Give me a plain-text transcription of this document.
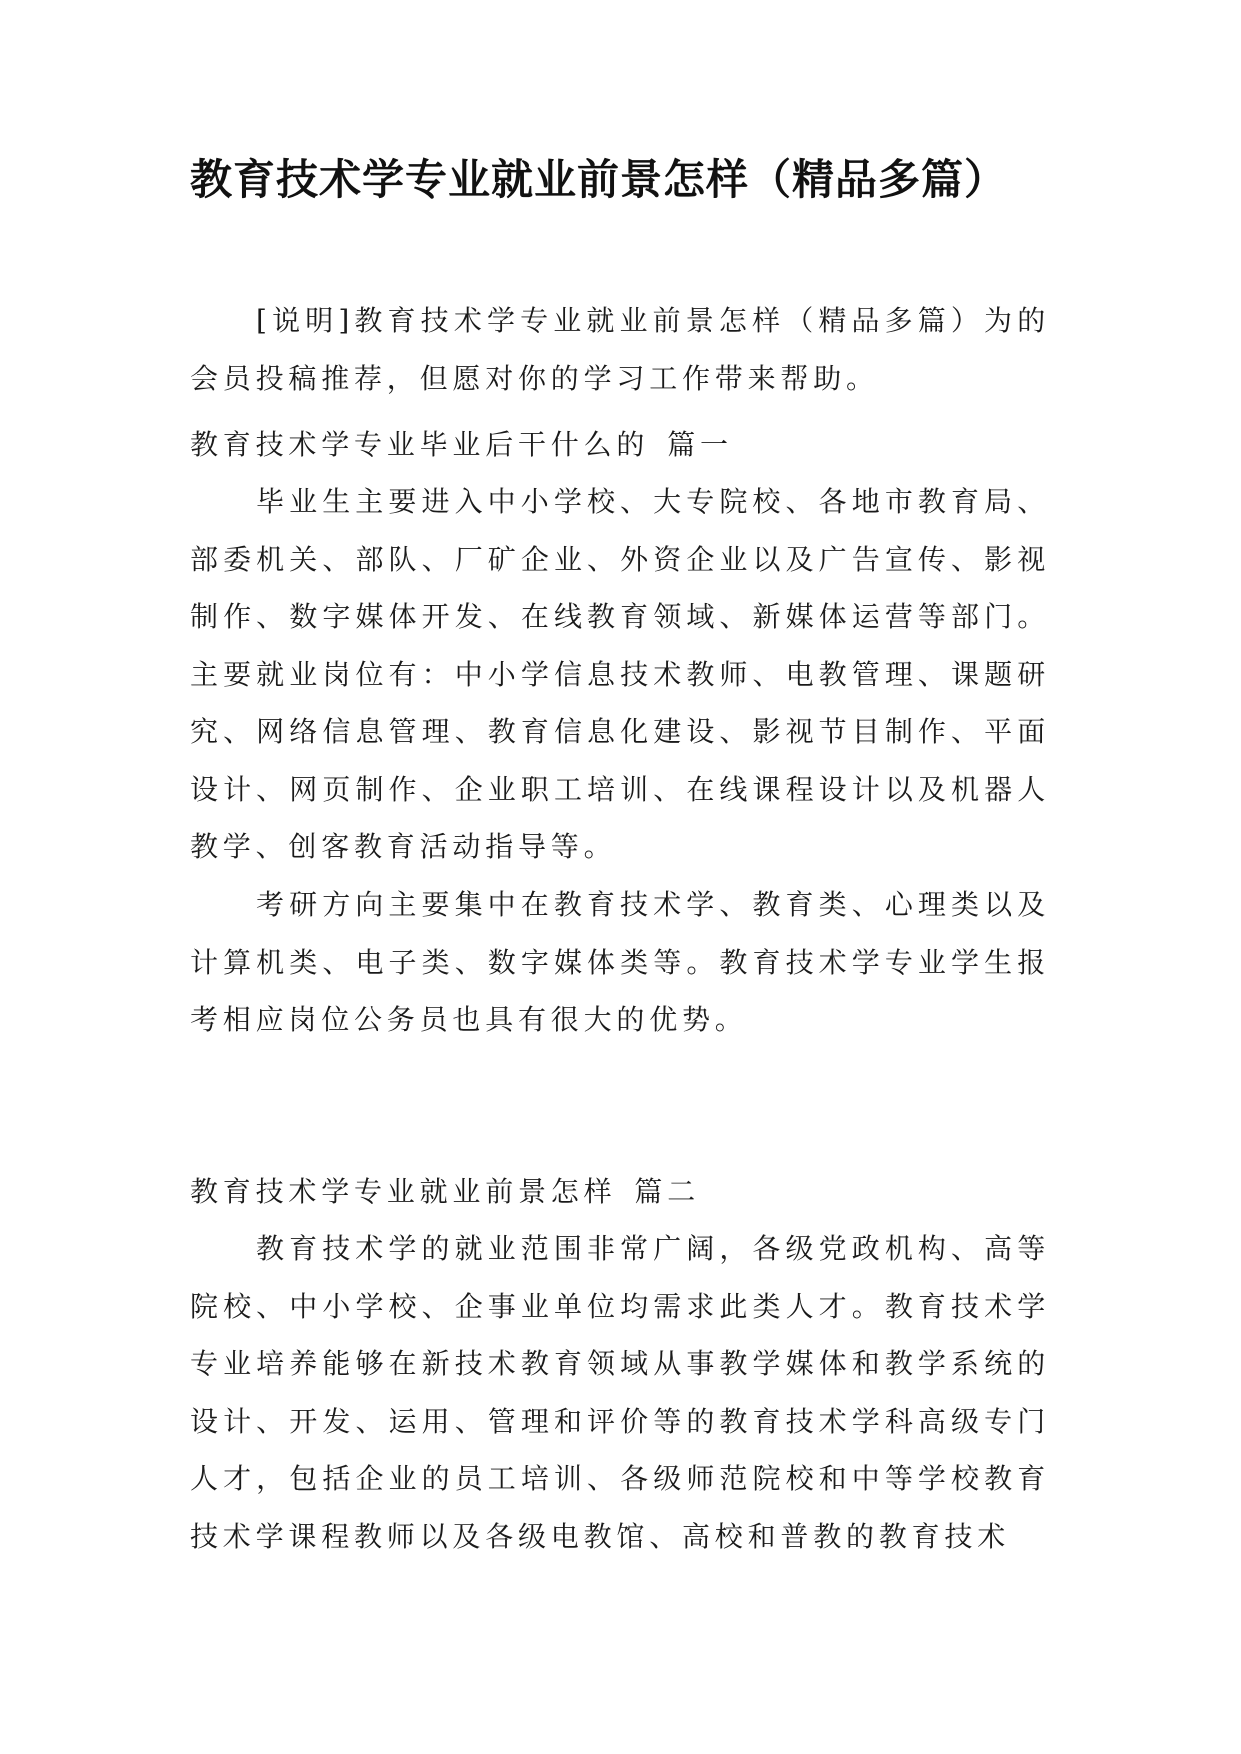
教育技术学专业就业前景怎样（精品多篇）

[说明]教育技术学专业就业前景怎样（精品多篇）为的会员投稿推荐，但愿对你的学习工作带来帮助。

教育技术学专业毕业后干什么的 篇一

毕业生主要进入中小学校、大专院校、各地市教育局、部委机关、部队、厂矿企业、外资企业以及广告宣传、影视制作、数字媒体开发、在线教育领域、新媒体运营等部门。主要就业岗位有：中小学信息技术教师、电教管理、课题研究、网络信息管理、教育信息化建设、影视节目制作、平面设计、网页制作、企业职工培训、在线课程设计以及机器人教学、创客教育活动指导等。

考研方向主要集中在教育技术学、教育类、心理类以及计算机类、电子类、数字媒体类等。教育技术学专业学生报考相应岗位公务员也具有很大的优势。

教育技术学专业就业前景怎样 篇二

教育技术学的就业范围非常广阔，各级党政机构、高等院校、中小学校、企事业单位均需求此类人才。教育技术学专业培养能够在新技术教育领域从事教学媒体和教学系统的设计、开发、运用、管理和评价等的教育技术学科高级专门人才，包括企业的员工培训、各级师范院校和中等学校教育技术学课程教师以及各级电教馆、高校和普教的教育技术
